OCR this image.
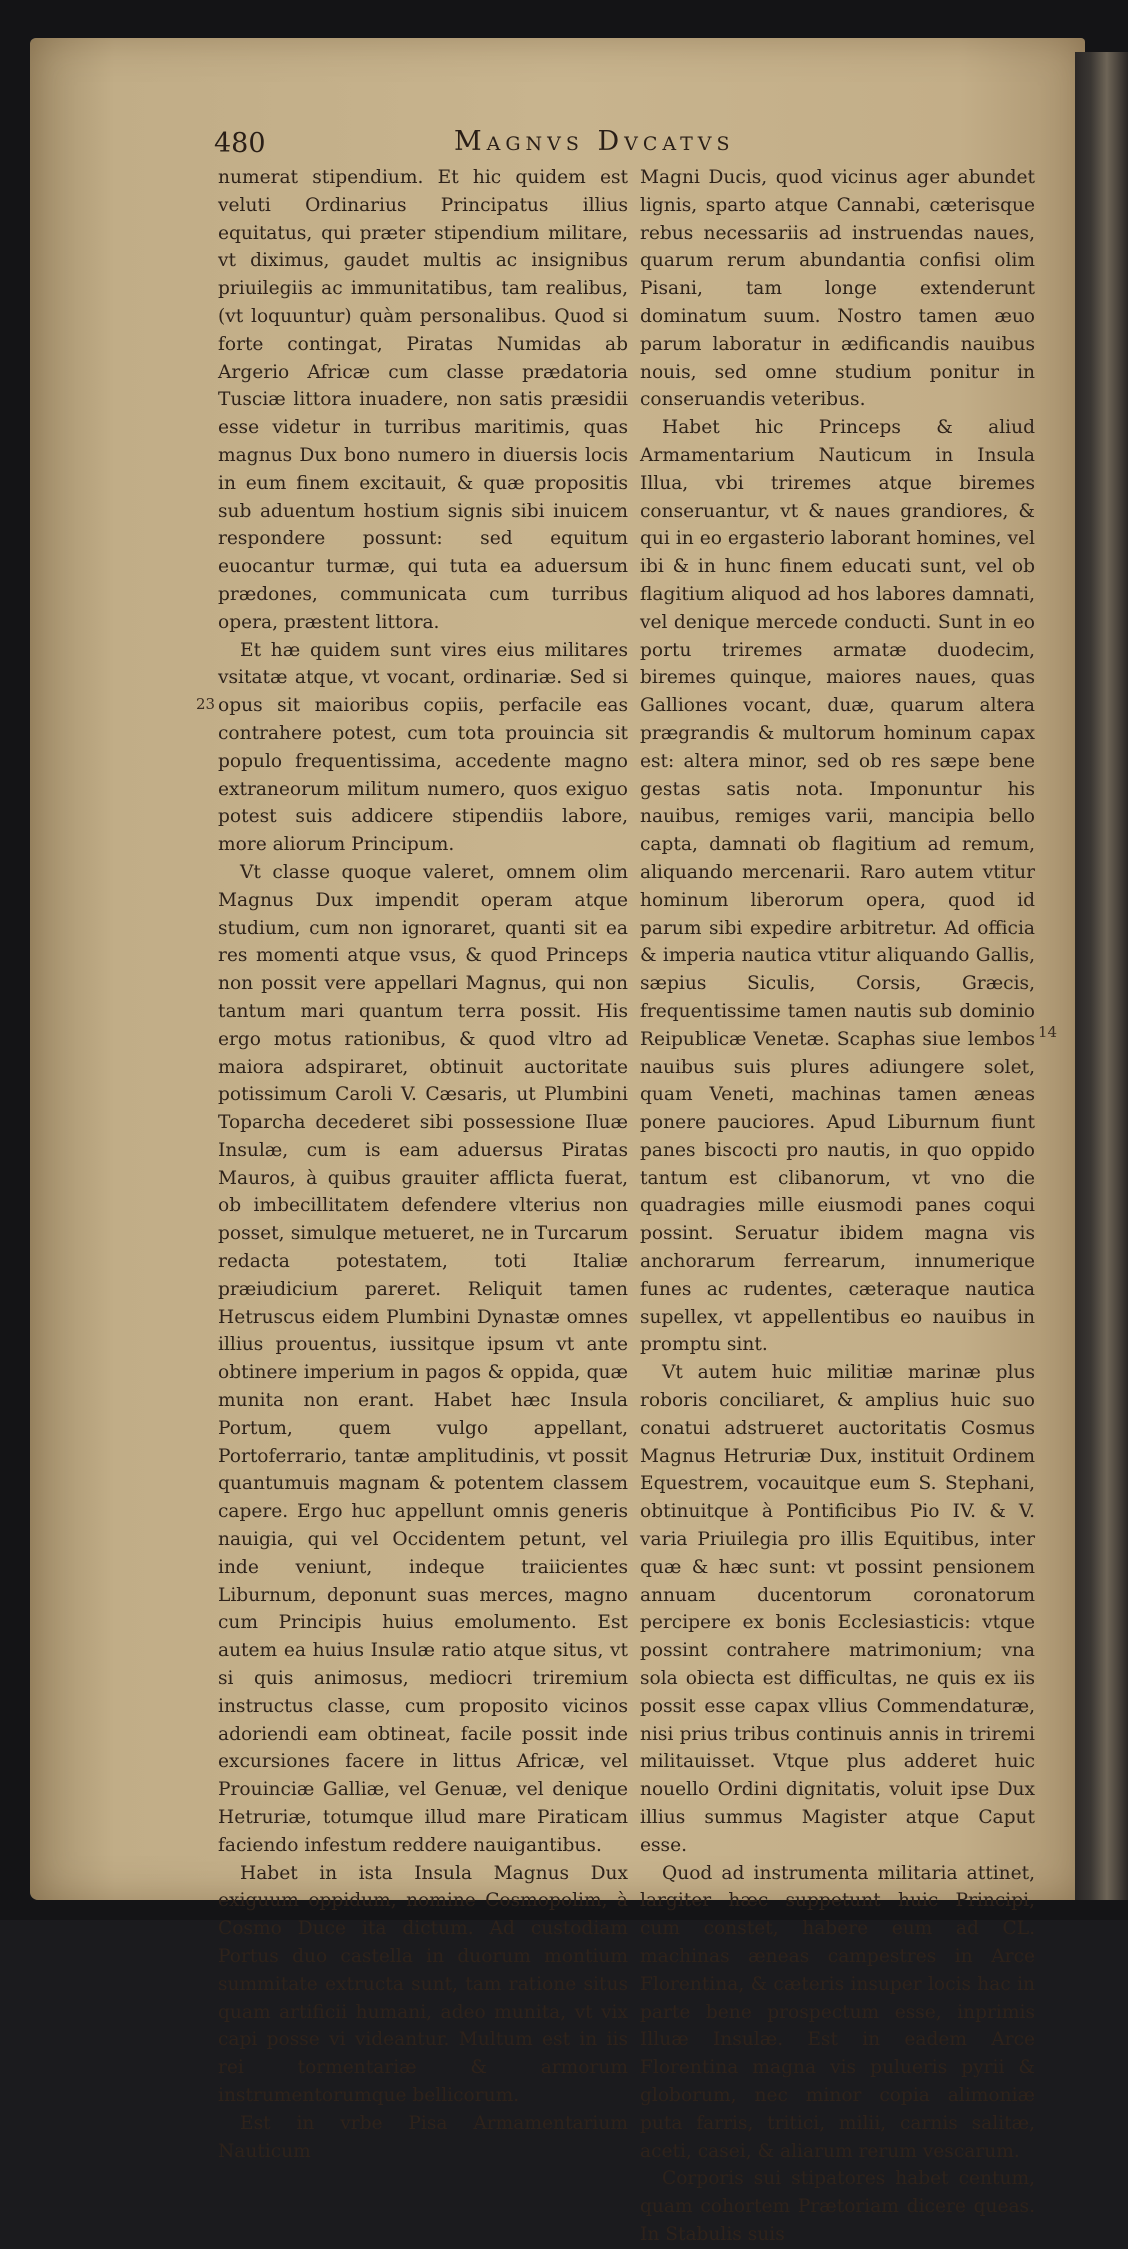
480	Magnvs Dvcatvs

numerat stipendium. Et hic quidem est veluti Ordinarius Principatus illius equitatus, qui præter stipendium militare, vt diximus, gaudet multis ac insignibus priuilegiis ac immunitatibus, tam realibus, (vt loquuntur) quàm personalibus. Quod si forte contingat, Piratas Numidas ab Argerio Africæ cum classe prædatoria Tusciæ littora inuadere, non satis præsidii esse videtur in turribus maritimis, quas magnus Dux bono numero in diuersis locis in eum finem excitauit, & quæ propositis sub aduentum hostium signis sibi inuicem respondere possunt: sed equitum euocantur turmæ, qui tuta ea aduersum prædones, communicata cum turribus opera, præstent littora.

Et hæ quidem sunt vires eius militares vsitatæ atque, vt vocant, ordinariæ. Sed si opus sit maioribus copiis, perfacile eas contrahere potest, cum tota prouincia sit populo frequentissima, accedente magno extraneorum militum numero, quos exiguo potest suis addicere stipendiis labore, more aliorum Principum.

Vt classe quoque valeret, omnem olim Magnus Dux impendit operam atque studium, cum non ignoraret, quanti sit ea res momenti atque vsus, & quod Princeps non possit vere appellari Magnus, qui non tantum mari quantum terra possit. His ergo motus rationibus, & quod vltro ad maiora adspiraret, obtinuit auctoritate potissimum Caroli V. Cæsaris, ut Plumbini Toparcha decederet sibi possessione Iluæ Insulæ, cum is eam aduersus Piratas Mauros, à quibus grauiter afflicta fuerat, ob imbecillitatem defendere vlterius non posset, simulque metueret, ne in Turcarum redacta potestatem, toti Italiæ præiudicium pareret. Reliquit tamen Hetruscus eidem Plumbini Dynastæ omnes illius prouentus, iussitque ipsum vt ante obtinere imperium in pagos & oppida, quæ munita non erant. Habet hæc Insula Portum, quem vulgo appellant, Portoferrario, tantæ amplitudinis, vt possit quantumuis magnam & potentem classem capere. Ergo huc appellunt omnis generis nauigia, qui vel Occidentem petunt, vel inde veniunt, indeque traiicientes Liburnum, deponunt suas merces, magno cum Principis huius emolumento. Est autem ea huius Insulæ ratio atque situs, vt si quis animosus, mediocri triremium instructus classe, cum proposito vicinos adoriendi eam obtineat, facile possit inde excursiones facere in littus Africæ, vel Prouinciæ Galliæ, vel Genuæ, vel denique Hetruriæ, totumque illud mare Piraticam faciendo infestum reddere nauigantibus.

Habet in ista Insula Magnus Dux exiguum oppidum, nomine Cosmopolim, à Cosmo Duce ita dictum. Ad custodiam Portus duo castella in duorum montium summitate extructa sunt, tam ratione situs quam artificii humani, adeo munita, vt vix capi posse vi videantur. Multum est in iis rei tormentariæ & armorum instrumentorumque bellicorum.

Est in vrbe Pisa Armamentarium Nauticum

Magni Ducis, quod vicinus ager abundet lignis, sparto atque Cannabi, cæterisque rebus necessariis ad instruendas naues, quarum rerum abundantia confisi olim Pisani, tam longe extenderunt dominatum suum. Nostro tamen æuo parum laboratur in ædificandis nauibus nouis, sed omne studium ponitur in conseruandis veteribus.

Habet hic Princeps & aliud Armamentarium Nauticum in Insula Illua, vbi triremes atque biremes conseruantur, vt & naues grandiores, & qui in eo ergasterio laborant homines, vel ibi & in hunc finem educati sunt, vel ob flagitium aliquod ad hos labores damnati, vel denique mercede conducti. Sunt in eo portu triremes armatæ duodecim, biremes quinque, maiores naues, quas Galliones vocant, duæ, quarum altera prægrandis & multorum hominum capax est: altera minor, sed ob res sæpe bene gestas satis nota. Imponuntur his nauibus, remiges varii, mancipia bello capta, damnati ob flagitium ad remum, aliquando mercenarii. Raro autem vtitur hominum liberorum opera, quod id parum sibi expedire arbitretur. Ad officia & imperia nautica vtitur aliquando Gallis, sæpius Siculis, Corsis, Græcis, frequentissime tamen nautis sub dominio Reipublicæ Venetæ. Scaphas siue lembos nauibus suis plures adiungere solet, quam Veneti, machinas tamen æneas ponere pauciores. Apud Liburnum fiunt panes biscocti pro nautis, in quo oppido tantum est clibanorum, vt vno die quadragies mille eiusmodi panes coqui possint. Seruatur ibidem magna vis anchorarum ferrearum, innumerique funes ac rudentes, cæteraque nautica supellex, vt appellentibus eo nauibus in promptu sint.

Vt autem huic militiæ marinæ plus roboris conciliaret, & amplius huic suo conatui adstrueret auctoritatis Cosmus Magnus Hetruriæ Dux, instituit Ordinem Equestrem, vocauitque eum S. Stephani, obtinuitque à Pontificibus Pio IV. & V. varia Priuilegia pro illis Equitibus, inter quæ & hæc sunt: vt possint pensionem annuam ducentorum coronatorum percipere ex bonis Ecclesiasticis: vtque possint contrahere matrimonium; vna sola obiecta est difficultas, ne quis ex iis possit esse capax vllius Commendaturæ, nisi prius tribus continuis annis in triremi militauisset. Vtque plus adderet huic nouello Ordini dignitatis, voluit ipse Dux illius summus Magister atque Caput esse.

Quod ad instrumenta militaria attinet, largiter hæc suppetunt huic Principi, cum constet, habere eum ad CL. machinas æneas campestres in Arce Florentina, & cæteris insuper locis hac in parte bene prospectum esse, inprimis Illuæ Insulæ. Est in eadem Arce Florentina magna vis pulueris pyrii & globorum, nec minor copia alimoniæ puta farris, tritici, milii, carnis salitæ, aceti, casei, & aliarum rerum vescarum.

Corporis sui stipatores habet centum, quam cohortem Prætoriam dicere queas. In Stabulis suis

23
14
